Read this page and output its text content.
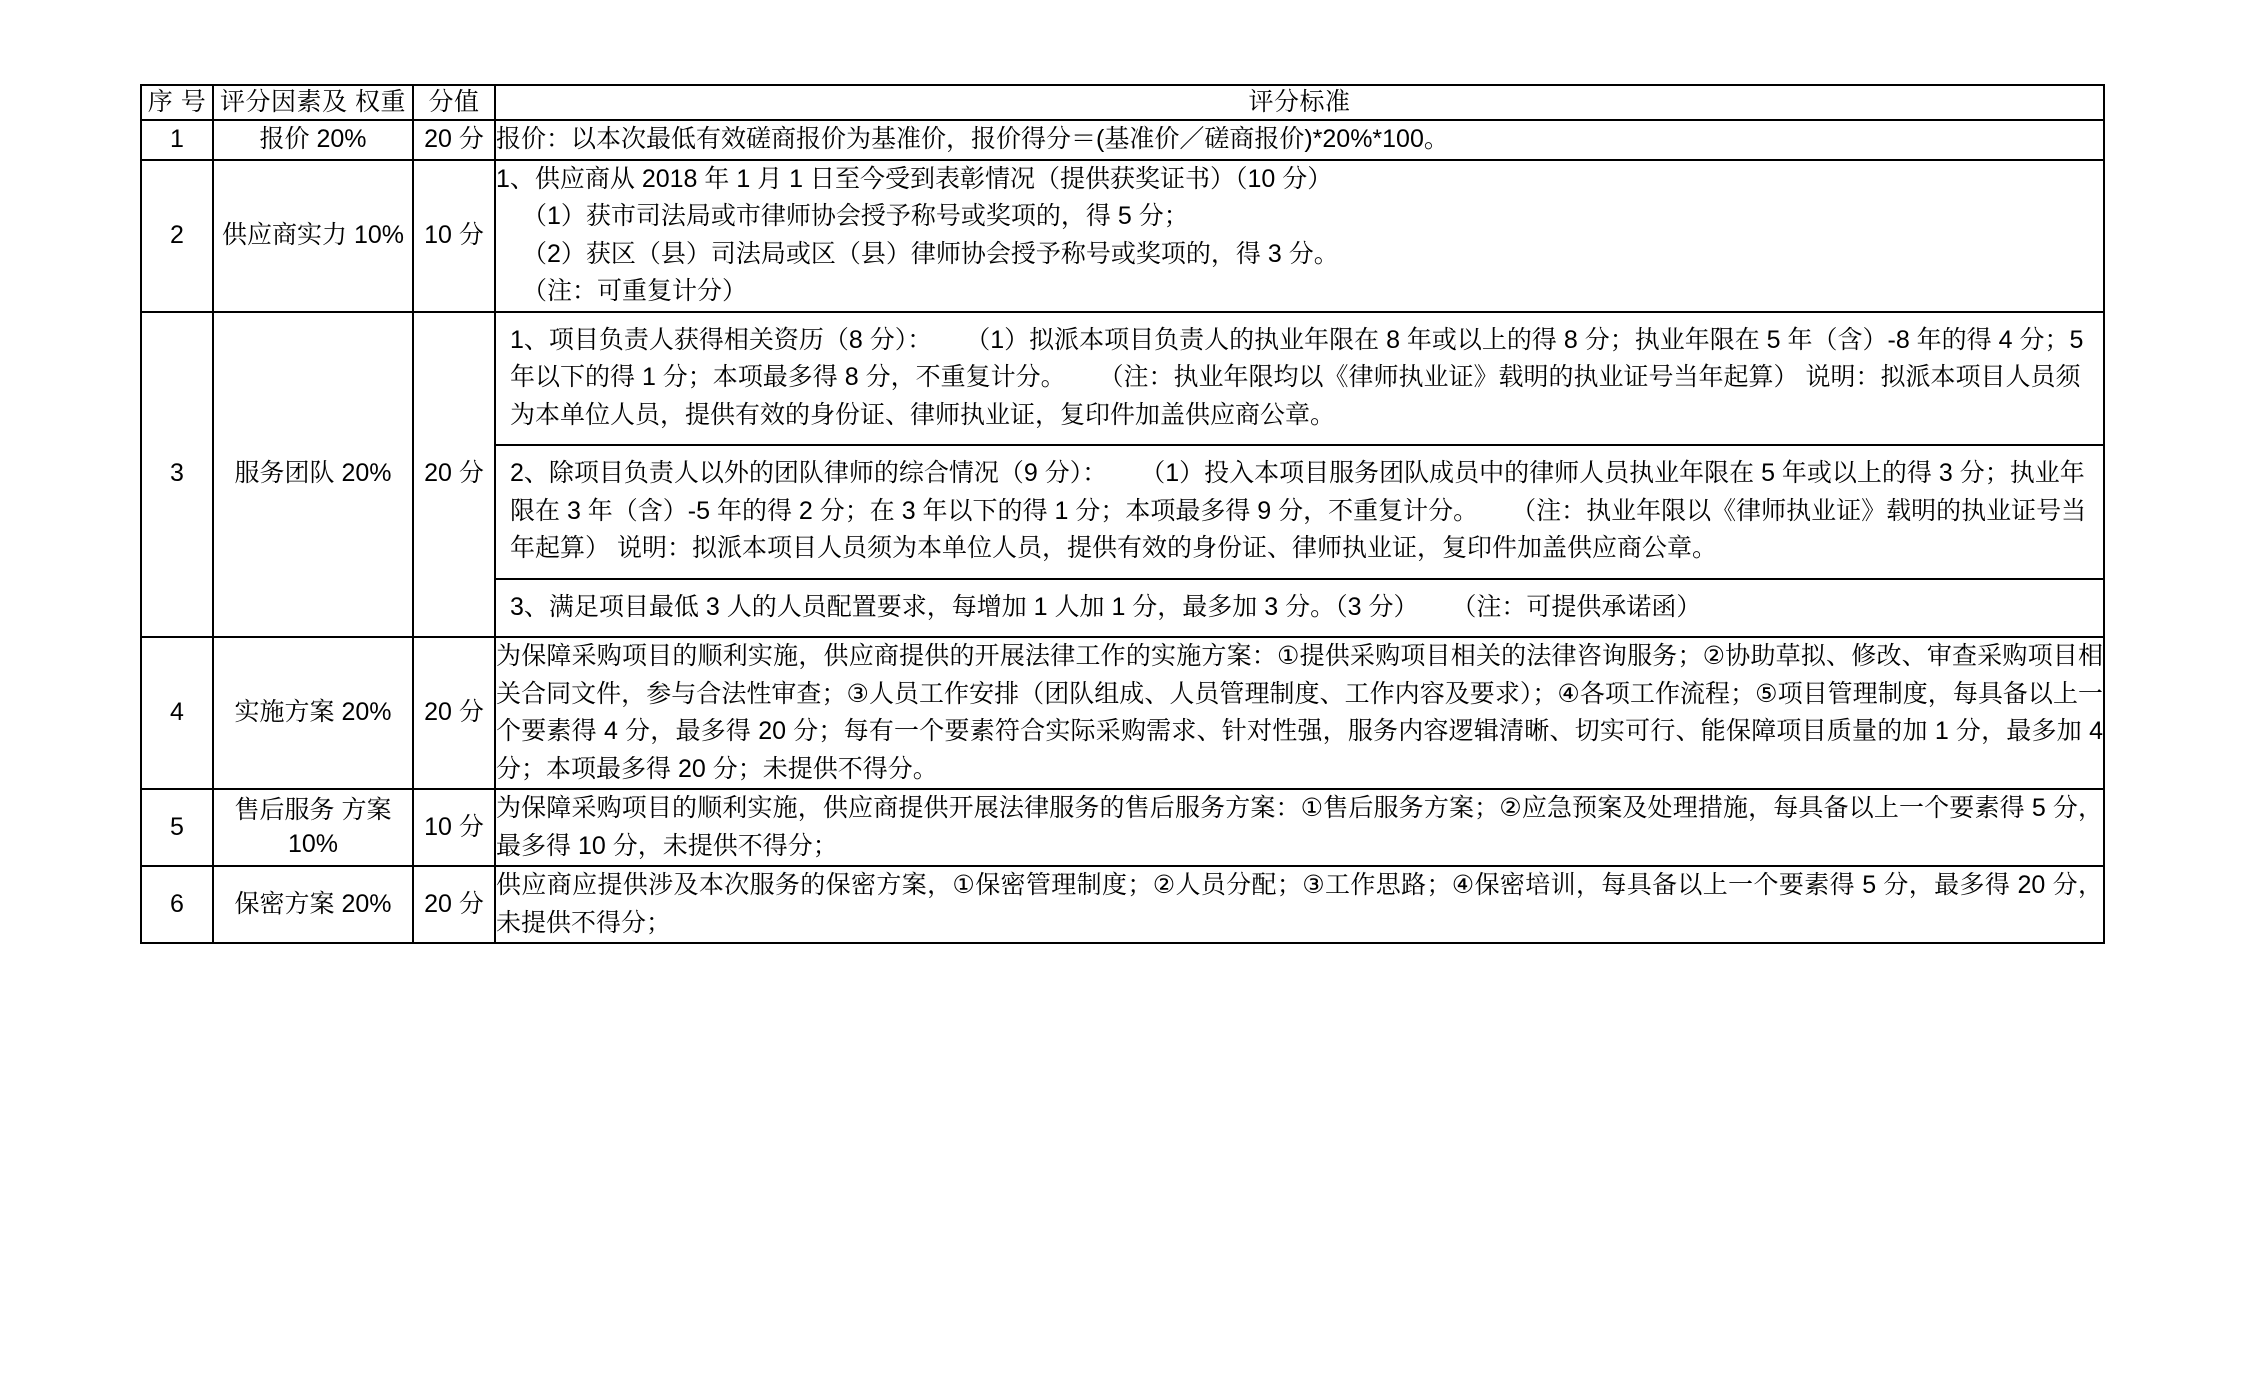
序 号	评分因素及 权重	分值	评分标准
1	报价 20%	20 分	报价：以本次最低有效磋商报价为基准价，报价得分＝(基准价／磋商报价)*20%*100。

2	供应商实力 10%	10 分	
1、供应商从 2018 年 1 月 1 日至今受到表彰情况（提供获奖证书）（10 分）
（1）获市司法局或市律师协会授予称号或奖项的，得 5 分；
（2）获区（县）司法局或区（县）律师协会授予称号或奖项的，得 3 分。
（注：可重复计分）

3	服务团队 20%	20 分	
1、项目负责人获得相关资历（8 分）： （1）拟派本项目负责人的执业年限在 8 年或以上的得 8 分；执业年限在 5 年（含）-8 年的得 4 分；5 年以下的得 1 分；本项最多得 8 分，不重复计分。 （注：执业年限均以《律师执业证》载明的执业证号当年起算） 说明：拟派本项目人员须为本单位人员，提供有效的身份证、律师执业证，复印件加盖供应商公章。
2、除项目负责人以外的团队律师的综合情况（9 分）： （1）投入本项目服务团队成员中的律师人员执业年限在 5 年或以上的得 3 分；执业年限在 3 年（含）-5 年的得 2 分；在 3 年以下的得 1 分；本项最多得 9 分，不重复计分。 （注：执业年限以《律师执业证》载明的执业证号当年起算） 说明：拟派本项目人员须为本单位人员，提供有效的身份证、律师执业证，复印件加盖供应商公章。
3、满足项目最低 3 人的人员配置要求，每增加 1 人加 1 分，最多加 3 分。（3 分） （注：可提供承诺函）

4	实施方案 20%	20 分	
为保障采购项目的顺利实施，供应商提供的开展法律工作的实施方案：①提供采购项目相关的法律咨询服务；②协助草拟、修改、审查采购项目相关合同文件，参与合法性审查；③人员工作安排（团队组成、人员管理制度、工作内容及要求）；④各项工作流程；⑤项目管理制度，每具备以上一个要素得 4 分，最多得 20 分；每有一个要素符合实际采购需求、针对性强，服务内容逻辑清晰、切实可行、能保障项目质量的加 1 分，最多加 4 分；本项最多得 20 分；未提供不得分。

5	售后服务 方案 10%	10 分	
为保障采购项目的顺利实施，供应商提供开展法律服务的售后服务方案：①售后服务方案；②应急预案及处理措施，每具备以上一个要素得 5 分，最多得 10 分，未提供不得分；

6	保密方案 20%	20 分	
供应商应提供涉及本次服务的保密方案，①保密管理制度；②人员分配；③工作思路；④保密培训，每具备以上一个要素得 5 分，最多得 20 分，未提供不得分；
